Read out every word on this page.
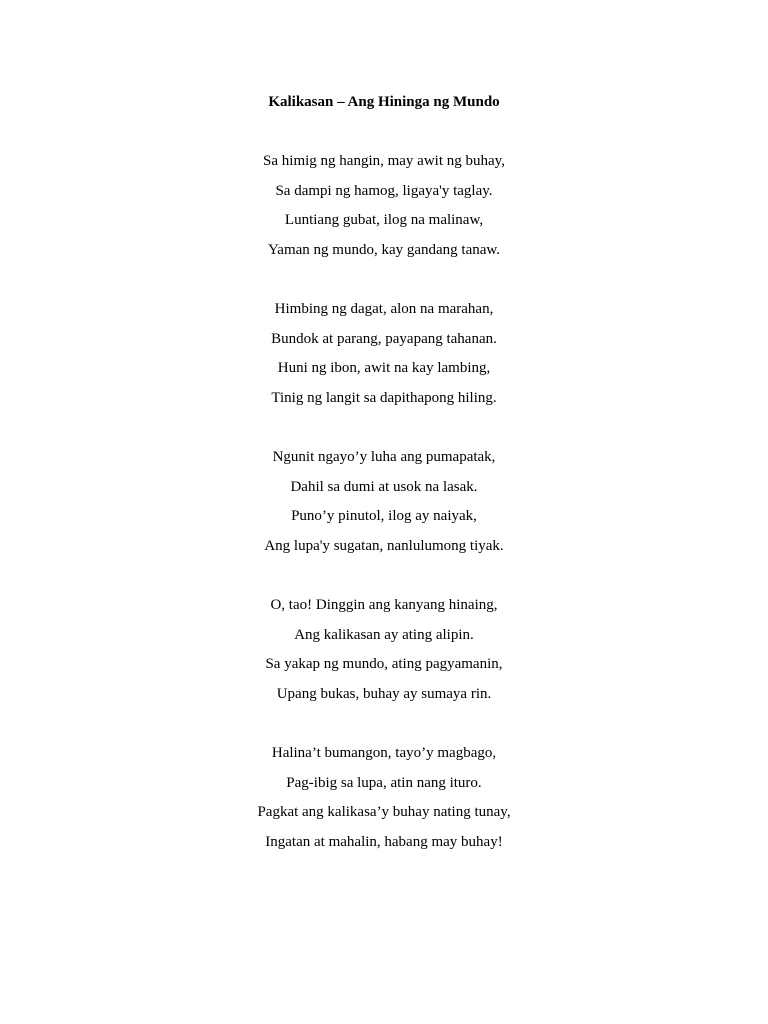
Kalikasan – Ang Hininga ng Mundo
Sa himig ng hangin, may awit ng buhay,
Sa dampi ng hamog, ligaya'y taglay.
Luntiang gubat, ilog na malinaw,
Yaman ng mundo, kay gandang tanaw.
Himbing ng dagat, alon na marahan,
Bundok at parang, payapang tahanan.
Huni ng ibon, awit na kay lambing,
Tinig ng langit sa dapithapong hiling.
Ngunit ngayo’y luha ang pumapatak,
Dahil sa dumi at usok na lasak.
Puno’y pinutol, ilog ay naiyak,
Ang lupa'y sugatan, nanlulumong tiyak.
O, tao! Dinggin ang kanyang hinaing,
Ang kalikasan ay ating alipin.
Sa yakap ng mundo, ating pagyamanin,
Upang bukas, buhay ay sumaya rin.
Halina’t bumangon, tayo’y magbago,
Pag-ibig sa lupa, atin nang ituro.
Pagkat ang kalikasa’y buhay nating tunay,
Ingatan at mahalin, habang may buhay!
